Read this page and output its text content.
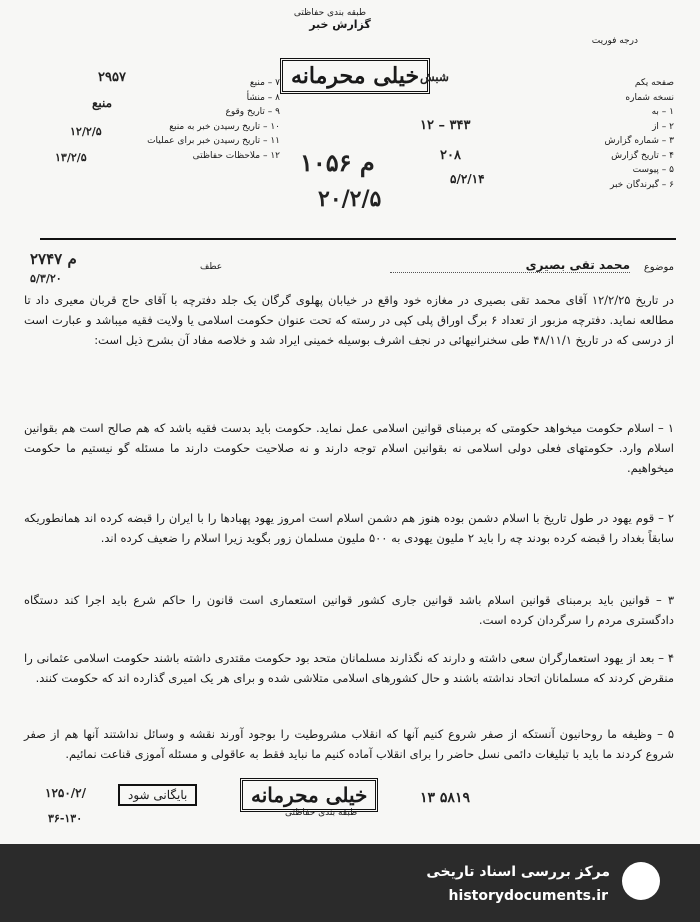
طبقه بندی حفاظتی
درجه فوریت
گزارش خبر
خیلی محرمانه	صفحه یکم
نسخه شماره
۱ – به
۲ – از
۳ – شماره گزارش
۴ – تاریخ گزارش
۵ – پیوست
۶ – گیرندگان خبر
۷ – منبع
۸ – منشأ
۹ – تاریخ وقوع
۱۰ – تاریخ رسیدن خبر به منبع
۱۱ – تاریخ رسیدن خبر برای عملیات
۱۲ – ملاحظات حفاظتی
۲۹۵۷
منبع
۱۲/۲/۵
۱۳/۲/۵
شبش
۱۲ – ۳۴۳
۲۰۸
۵/۲/۱۴
۱۰۵۶ م
۲۰/۲/۵
موضوع
محمد تقی بصیری
۲۷۴۷ م
۵/۳/۲۰
عطف
در تاریخ ۱۲/۲/۲۵ آقای محمد تقی بصیری در مغازه خود واقع در خیابان پهلوی گرگان یک جلد دفترچه با آقای حاج قربان معیری داد تا مطالعه نماید. دفترچه مزبور از تعداد ۶ برگ اوراق پلی کپی در رسته که تحت عنوان حکومت اسلامی یا ولایت فقیه میباشد و عبارت است از درسی که در تاریخ ۴۸/۱۱/۱ طی سخنرانیهائی در نجف اشرف بوسیله خمینی ایراد شد و خلاصه مفاد آن بشرح ذیل است:
۱ – اسلام حکومت میخواهد حکومتی که برمبنای قوانین اسلامی عمل نماید. حکومت باید بدست فقیه باشد که هم صالح است هم بقوانین اسلام وارد. حکومتهای فعلی دولی اسلامی نه بقوانین اسلام توجه دارند و نه صلاحیت حکومت دارند ما مسئله گو نیستیم ما حکومت میخواهیم.
۲ – قوم یهود در طول تاریخ با اسلام دشمن بوده هنوز هم دشمن اسلام است امروز یهود پهبادها را با ایران را قبضه کرده اند همانطوریکه سابقاً بغداد را قبضه کرده بودند چه را باید ۲ ملیون یهودی به ۵۰۰ ملیون مسلمان زور بگوید زیرا اسلام را ضعیف کرده اند.
۳ – قوانین باید برمبنای قوانین اسلام باشد قوانین جاری کشور قوانین استعماری است قانون را حاکم شرع باید اجرا کند دستگاه دادگستری مردم را سرگردان کرده است.
۴ – بعد از یهود استعمارگران سعی داشته و دارند که نگذارند مسلمانان متحد بود حکومت مقتدری داشته باشند حکومت اسلامی عثمانی را منقرض کردند که مسلمانان اتحاد نداشته باشند و حال کشورهای اسلامی متلاشی شده و برای هر یک امیری گذارده اند که حکومت کنند.
۵ – وظیفه ما روحانیون آنستکه از صفر شروع کنیم آنها که انقلاب مشروطیت را بوجود آورند نقشه و وسائل نداشتند آنها هم از صفر شروع کردند ما باید با تبلیغات دائمی نسل حاضر را برای انقلاب آماده کنیم ما نباید فقط به عاقولی و مسئله آموزی قناعت نمائیم.
خیلی محرمانه
طبقه بندی حفاظتی
بایگانی شود
۱۲۵۰/۲/	۱۳ ۵۸۱۹
۳۶-۱۳۰
مرکز بررسی اسناد تاریخی
historydocuments.ir
